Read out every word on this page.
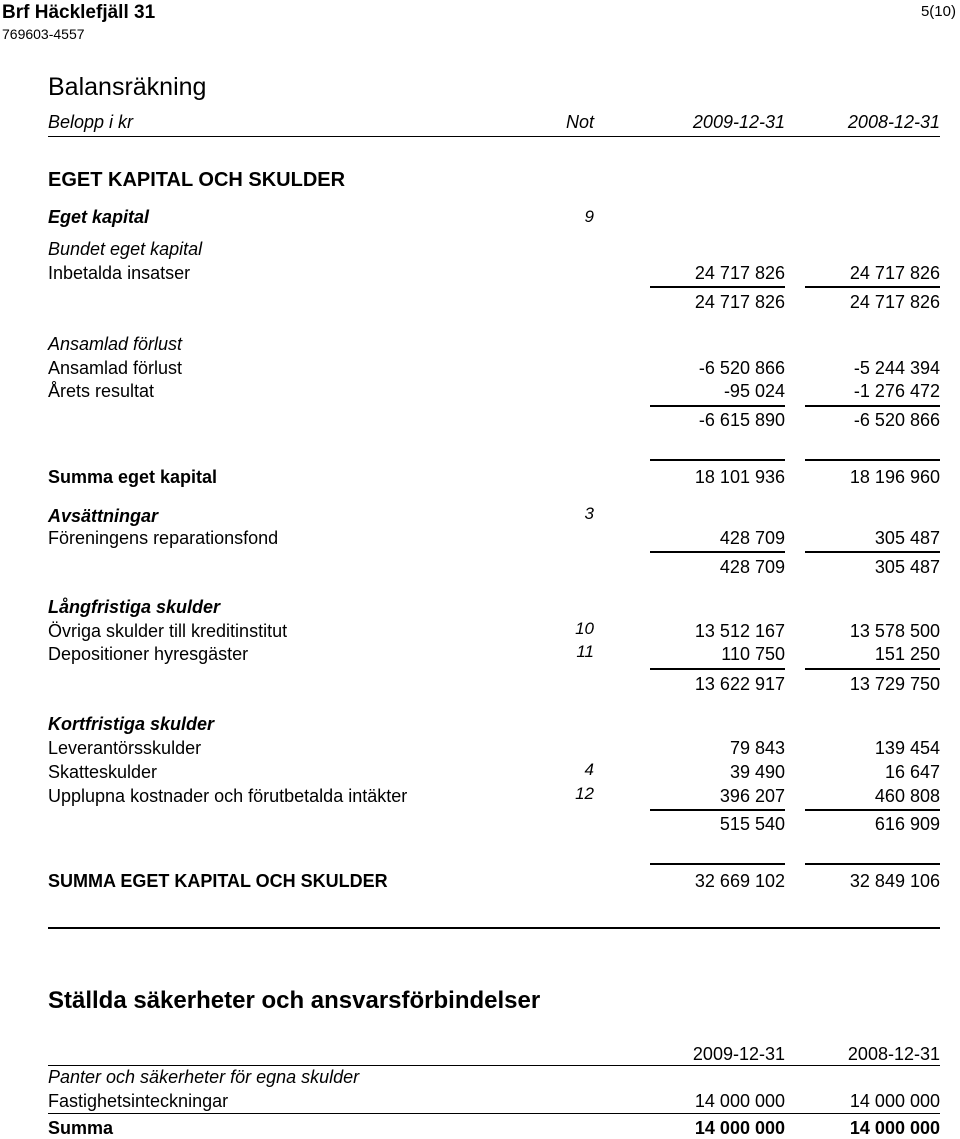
Brf Häcklefjäll 31
769603-4557
5(10)
Balansräkning
Belopp i kr	Not	2009-12-31	2008-12-31
EGET KAPITAL OCH SKULDER
Eget kapital	9
Bundet eget kapital
Inbetalda insatser	24 717 826	24 717 826
24 717 826	24 717 826
Ansamlad förlust
Ansamlad förlust	-6 520 866	-5 244 394
Årets resultat	-95 024	-1 276 472
-6 615 890	-6 520 866
Summa eget kapital	18 101 936	18 196 960
Avsättningar	3
Föreningens reparationsfond	428 709	305 487
428 709	305 487
Långfristiga skulder
Övriga skulder till kreditinstitut	10	13 512 167	13 578 500
Depositioner hyresgäster	11	110 750	151 250
13 622 917	13 729 750
Kortfristiga skulder
Leverantörsskulder	79 843	139 454
Skatteskulder	4	39 490	16 647
Upplupna kostnader och förutbetalda intäkter	12	396 207	460 808
515 540	616 909
SUMMA EGET KAPITAL OCH SKULDER	32 669 102	32 849 106
Ställda säkerheter och ansvarsförbindelser
2009-12-31	2008-12-31
Panter och säkerheter för egna skulder
Fastighetsinteckningar	14 000 000	14 000 000
Summa	14 000 000	14 000 000
